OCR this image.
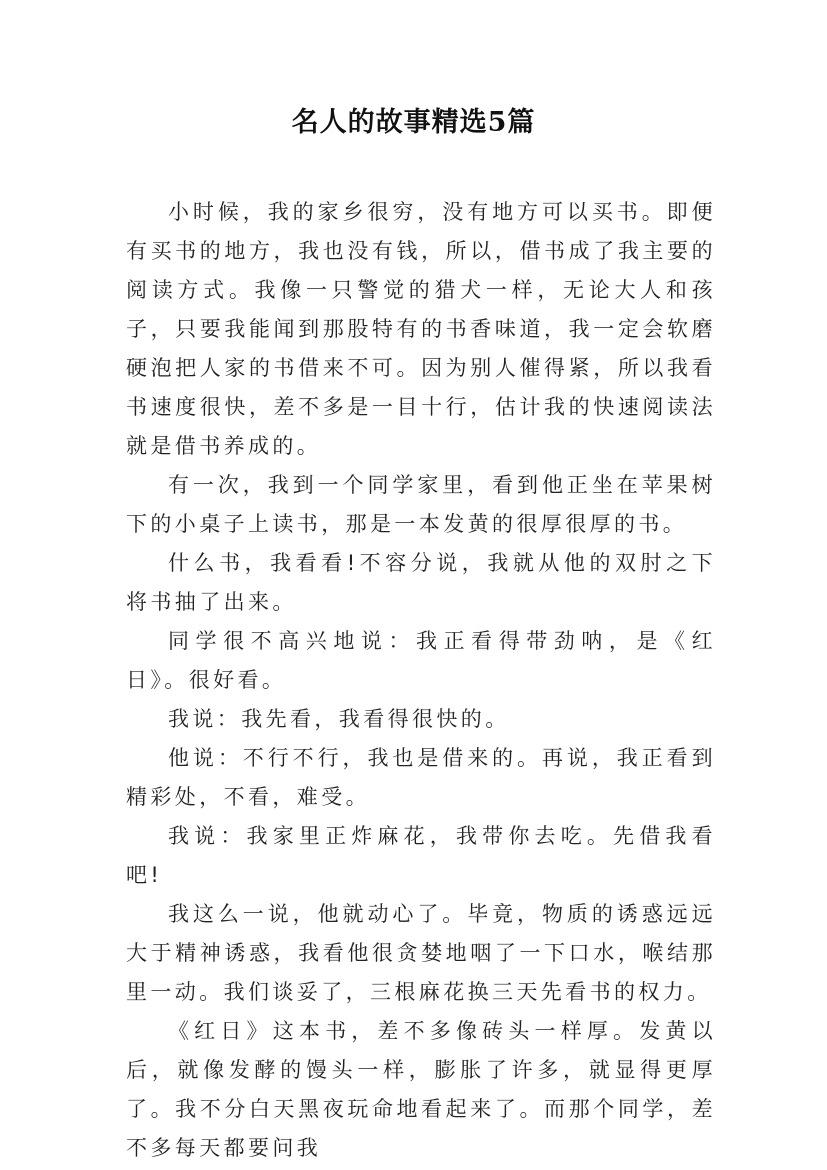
名人的故事精选5篇

小时候，我的家乡很穷，没有地方可以买书。即便有买书的地方，我也没有钱，所以，借书成了我主要的阅读方式。我像一只警觉的猎犬一样，无论大人和孩子，只要我能闻到那股特有的书香味道，我一定会软磨硬泡把人家的书借来不可。因为别人催得紧，所以我看书速度很快，差不多是一目十行，估计我的快速阅读法就是借书养成的。

有一次，我到一个同学家里，看到他正坐在苹果树下的小桌子上读书，那是一本发黄的很厚很厚的书。

什么书，我看看!不容分说，我就从他的双肘之下将书抽了出来。

同学很不高兴地说：我正看得带劲呐，是《红日》。很好看。

我说：我先看，我看得很快的。

他说：不行不行，我也是借来的。再说，我正看到精彩处，不看，难受。

我说：我家里正炸麻花，我带你去吃。先借我看吧!

我这么一说，他就动心了。毕竟，物质的诱惑远远大于精神诱惑，我看他很贪婪地咽了一下口水，喉结那里一动。我们谈妥了，三根麻花换三天先看书的权力。

《红日》这本书，差不多像砖头一样厚。发黄以后，就像发酵的馒头一样，膨胀了许多，就显得更厚了。我不分白天黑夜玩命地看起来了。而那个同学，差不多每天都要问我
